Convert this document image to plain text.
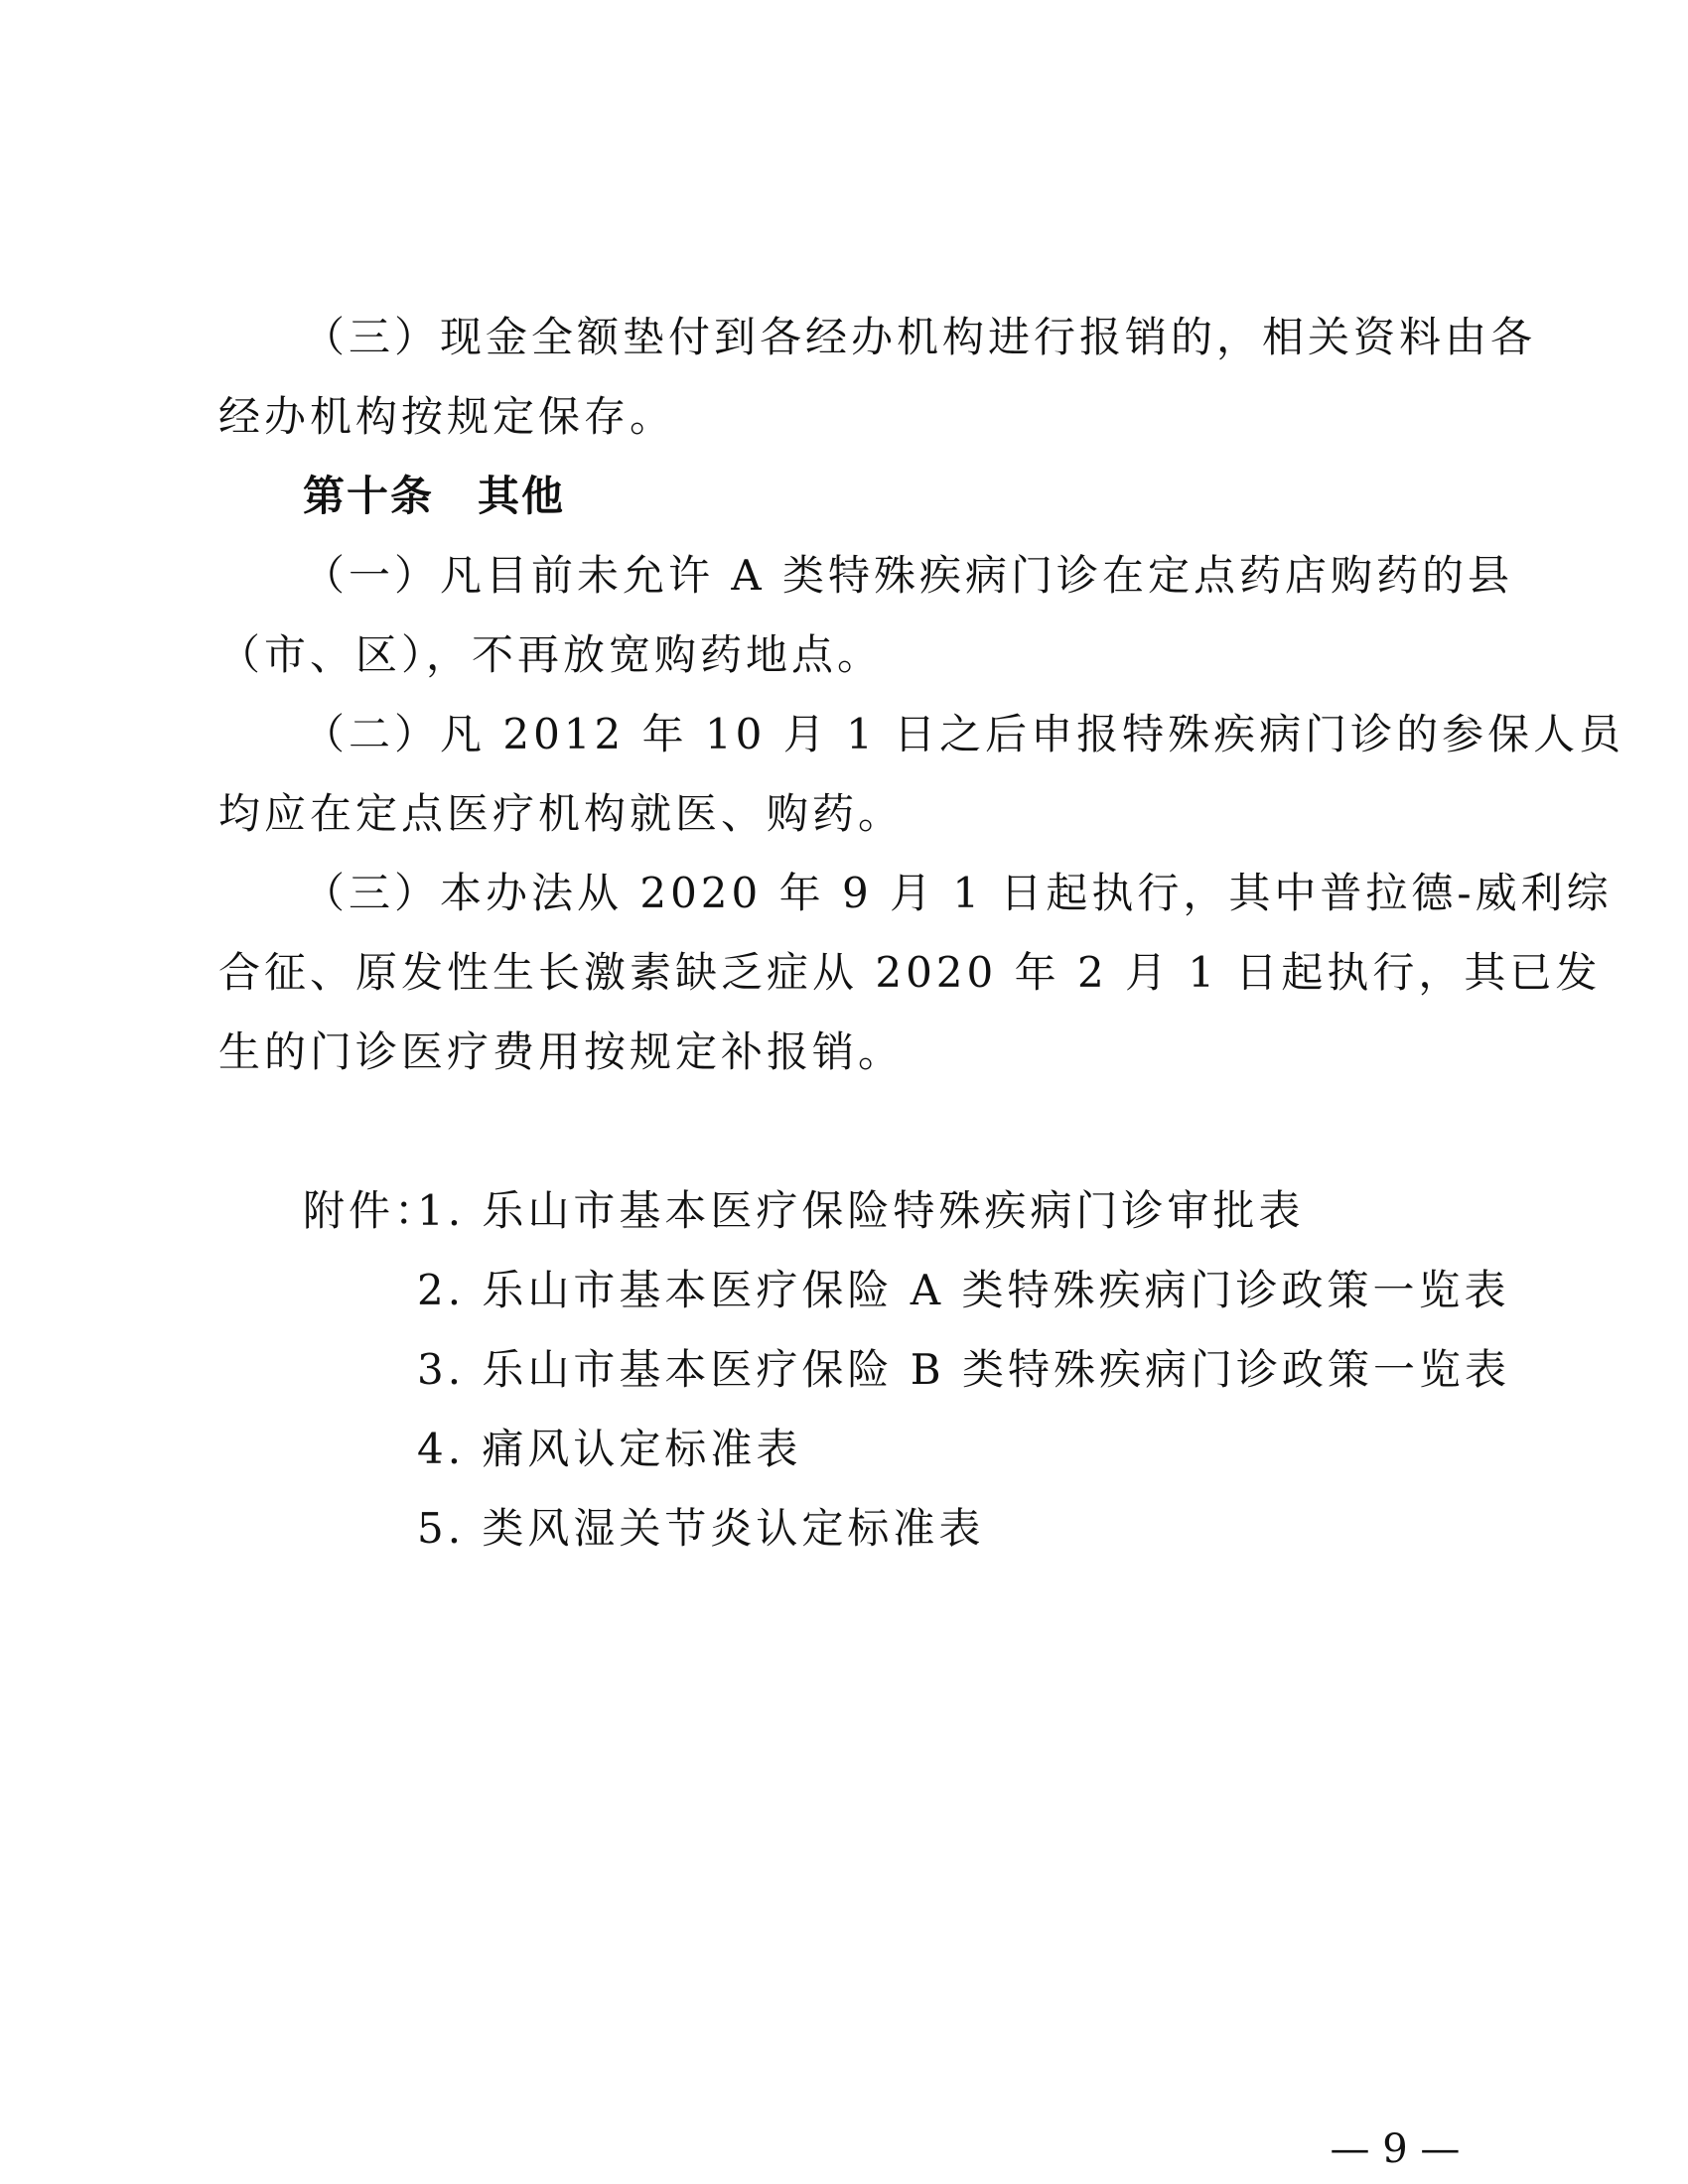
（三）现金全额垫付到各经办机构进行报销的，相关资料由各
经办机构按规定保存。
第十条　其他
（一）凡目前未允许 A 类特殊疾病门诊在定点药店购药的县
（市、区），不再放宽购药地点。
（二）凡 2012 年 10 月 1 日之后申报特殊疾病门诊的参保人员
均应在定点医疗机构就医、购药。
（三）本办法从 2020 年 9 月 1 日起执行，其中普拉德-威利综
合征、原发性生长激素缺乏症从 2020 年 2 月 1 日起执行，其已发
生的门诊医疗费用按规定补报销。
附件：
1. 乐山市基本医疗保险特殊疾病门诊审批表
2. 乐山市基本医疗保险 A 类特殊疾病门诊政策一览表
3. 乐山市基本医疗保险 B 类特殊疾病门诊政策一览表
4. 痛风认定标准表
5. 类风湿关节炎认定标准表
— 9 —
